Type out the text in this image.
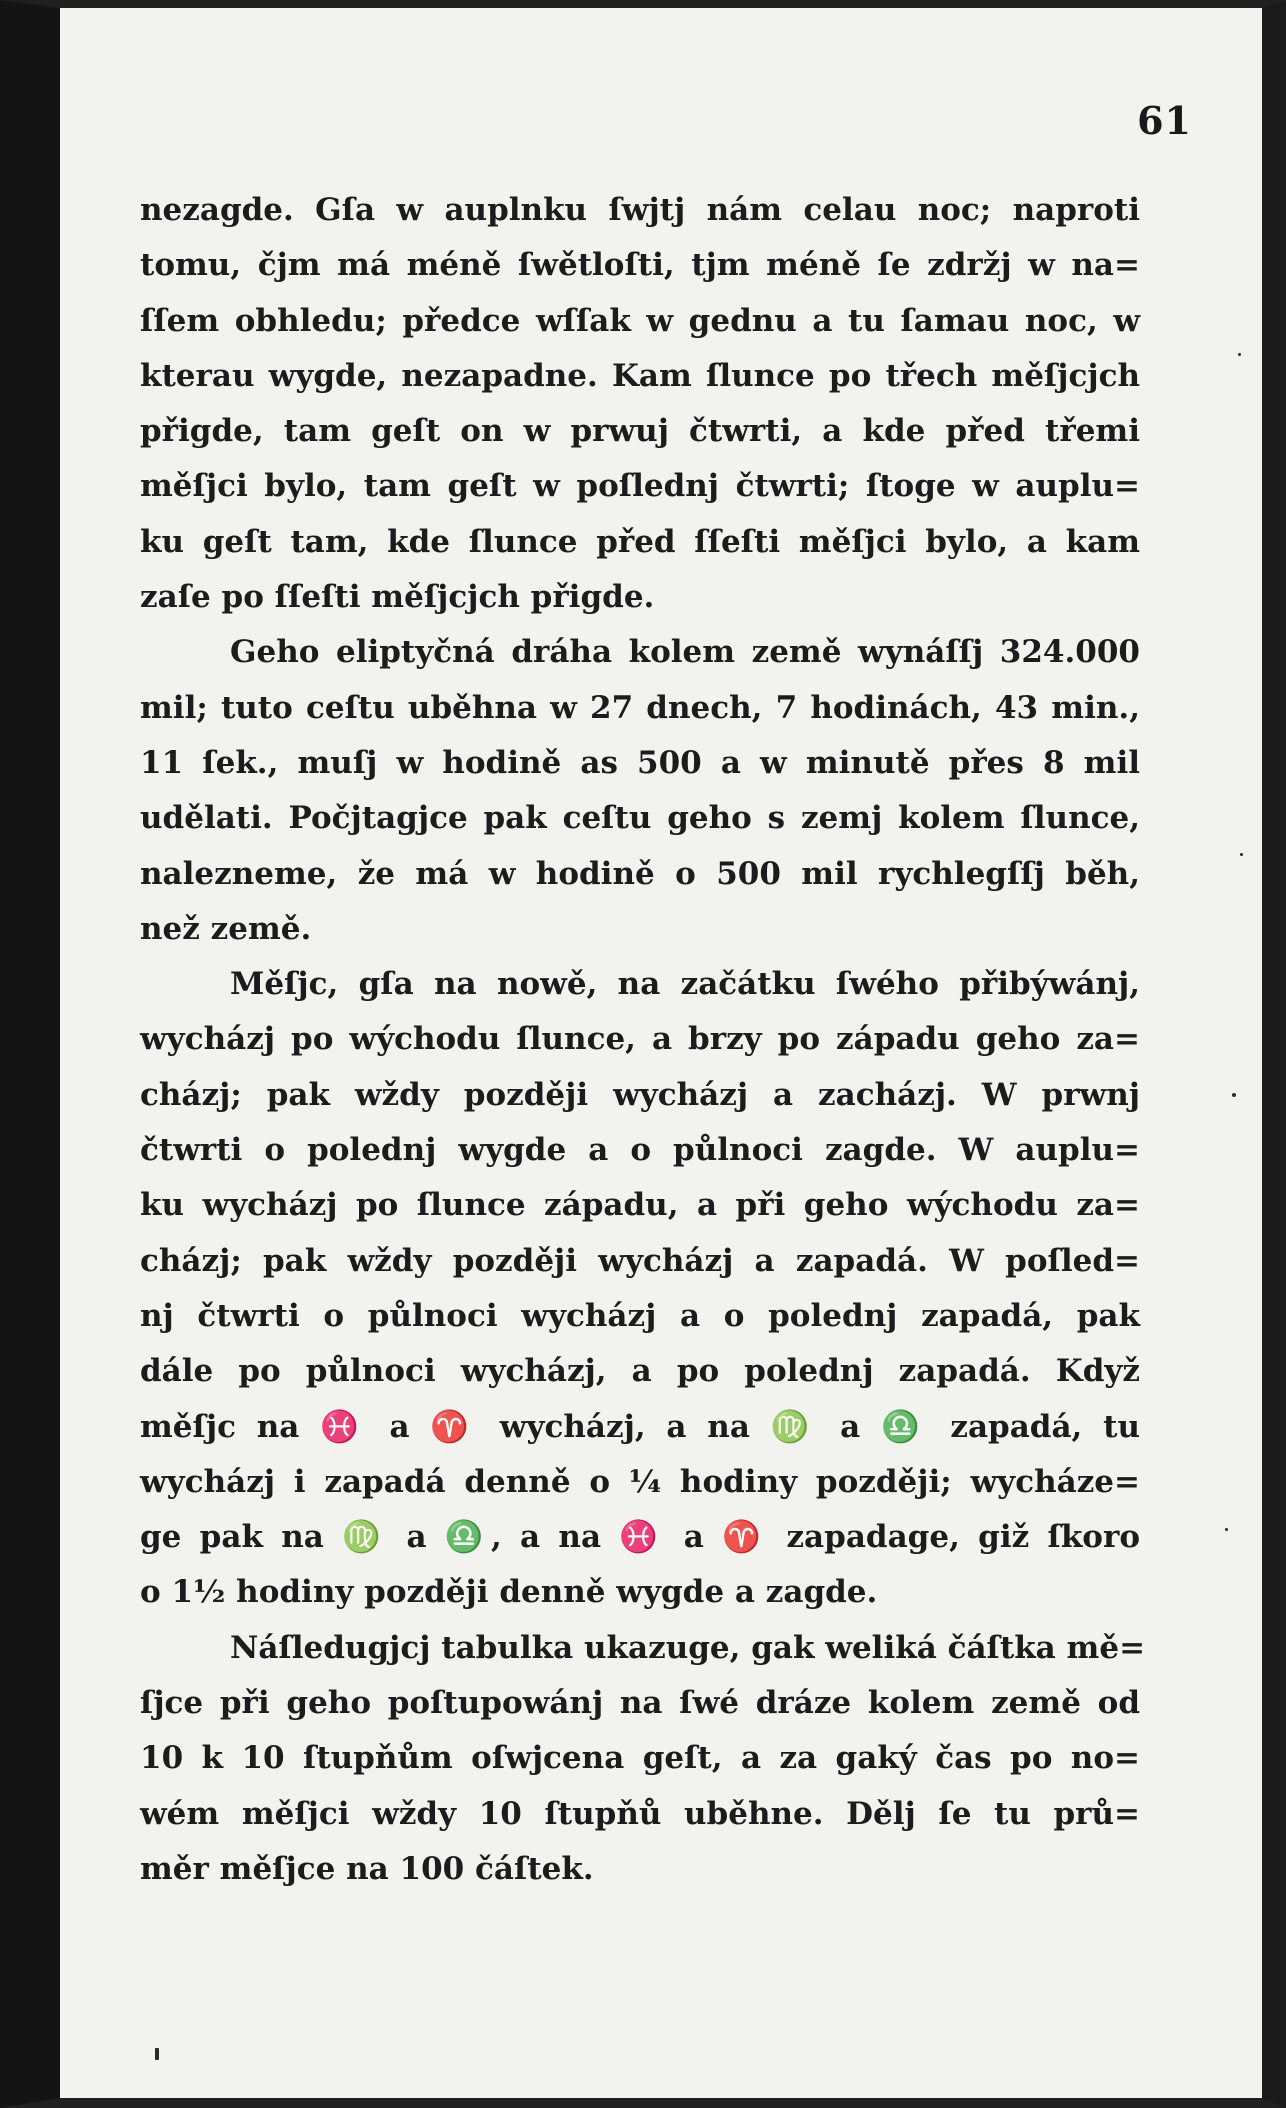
61

nezagde. Gſa w auplnku ſwjtj nám celau noc; naproti
tomu, čjm má méně ſwětloſti, tjm méně ſe zdržj w na=
ſſem obhledu; předce wſſak w gednu a tu ſamau noc, w
kterau wygde, nezapadne. Kam ſlunce po třech měſjcjch
přigde, tam geſt on w prwuj čtwrti, a kde před třemi
měſjci bylo, tam geſt w poſlednj čtwrti; ſtoge w auplu=
ku geſt tam, kde ſlunce před ſſeſti měſjci bylo, a kam
zaſe po ſſeſti měſjcjch přigde.

Geho eliptyčná dráha kolem země wynáſſj 324.000
mil; tuto ceſtu uběhna w 27 dnech, 7 hodinách, 43 min.,
11 ſek., muſj w hodině as 500 a w minutě přes 8 mil
udělati. Počjtagjce pak ceſtu geho s zemj kolem ſlunce,
nalezneme, že má w hodině o 500 mil rychlegſſj běh,
než země.

Měſjc, gſa na nowě, na začátku ſwého přibýwánj,
wycházj po wýchodu ſlunce, a brzy po západu geho za=
cházj; pak wždy později wycházj a zacházj. W prwnj
čtwrti o polednj wygde a o půlnoci zagde. W auplu=
ku wycházj po ſlunce západu, a při geho wýchodu za=
cházj; pak wždy později wycházj a zapadá. W poſled=
nj čtwrti o půlnoci wycházj a o polednj zapadá, pak
dále po půlnoci wycházj, a po polednj zapadá. Když
měſjc na ♓ a ♈ wycházj, a na ♍ a ♎ zapadá, tu
wycházj i zapadá denně o ¼ hodiny později; wycháze=
ge pak na ♍ a ♎, a na ♓ a ♈ zapadage, giž ſkoro
o 1½ hodiny později denně wygde a zagde.

Náſledugjcj tabulka ukazuge, gak weliká čáſtka mě=
ſjce při geho poſtupowánj na ſwé dráze kolem země od
10 k 10 ſtupňům oſwjcena geſt, a za gaký čas po no=
wém měſjci wždy 10 ſtupňů uběhne. Dělj ſe tu prů=
měr měſjce na 100 čáſtek.
